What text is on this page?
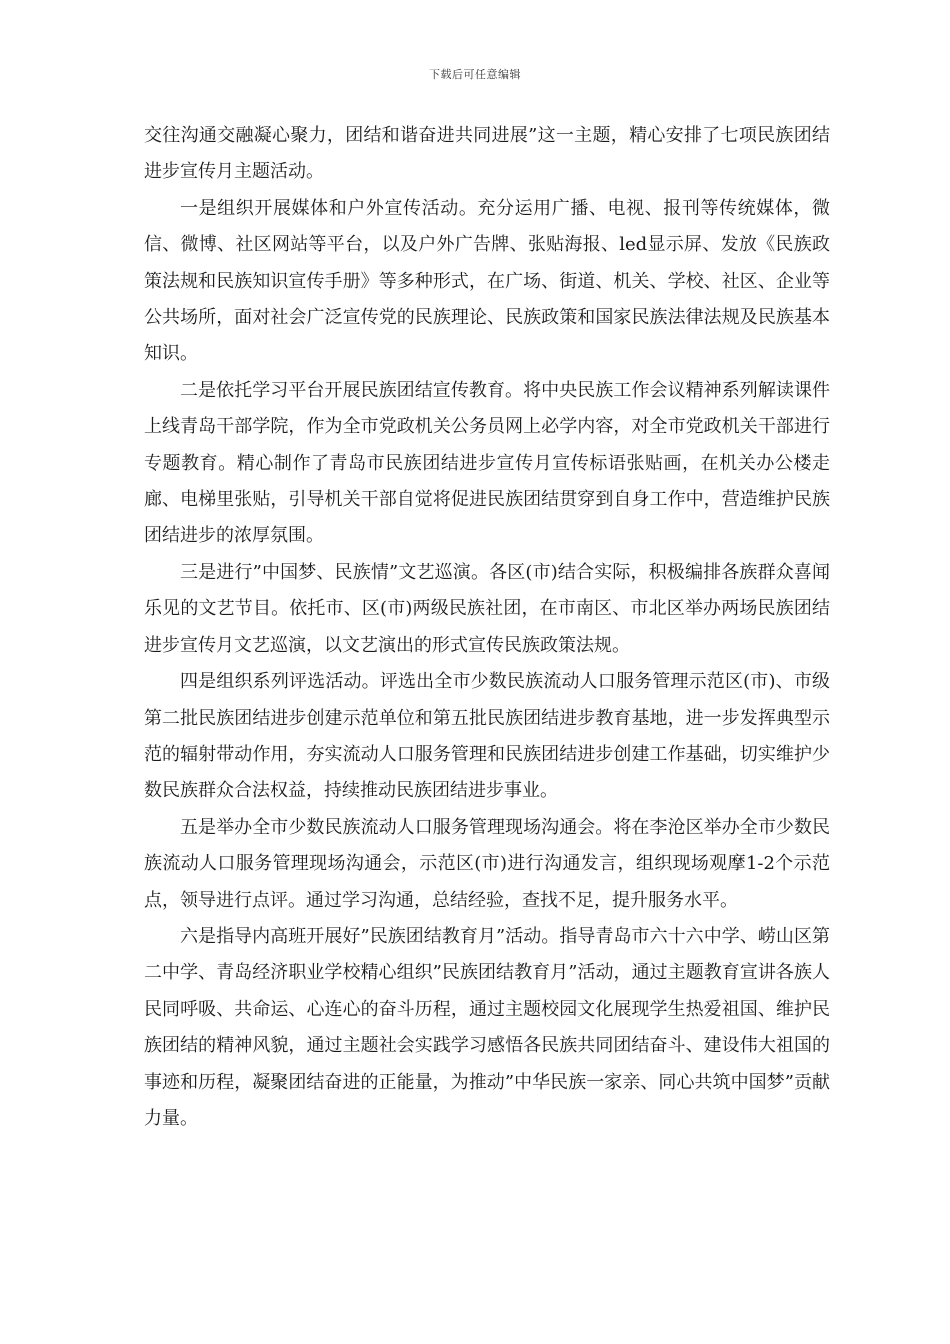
下载后可任意编辑

交往沟通交融凝心聚力，团结和谐奋进共同进展”这一主题，精心安排了七项民族团结进步宣传月主题活动。

一是组织开展媒体和户外宣传活动。充分运用广播、电视、报刊等传统媒体，微信、微博、社区网站等平台，以及户外广告牌、张贴海报、led显示屏、发放《民族政策法规和民族知识宣传手册》等多种形式，在广场、街道、机关、学校、社区、企业等公共场所，面对社会广泛宣传党的民族理论、民族政策和国家民族法律法规及民族基本知识。

二是依托学习平台开展民族团结宣传教育。将中央民族工作会议精神系列解读课件上线青岛干部学院，作为全市党政机关公务员网上必学内容，对全市党政机关干部进行专题教育。精心制作了青岛市民族团结进步宣传月宣传标语张贴画，在机关办公楼走廊、电梯里张贴，引导机关干部自觉将促进民族团结贯穿到自身工作中，营造维护民族团结进步的浓厚氛围。

三是进行”中国梦、民族情”文艺巡演。各区(市)结合实际，积极编排各族群众喜闻乐见的文艺节目。依托市、区(市)两级民族社团，在市南区、市北区举办两场民族团结进步宣传月文艺巡演，以文艺演出的形式宣传民族政策法规。

四是组织系列评选活动。评选出全市少数民族流动人口服务管理示范区(市)、市级第二批民族团结进步创建示范单位和第五批民族团结进步教育基地，进一步发挥典型示范的辐射带动作用，夯实流动人口服务管理和民族团结进步创建工作基础，切实维护少数民族群众合法权益，持续推动民族团结进步事业。

五是举办全市少数民族流动人口服务管理现场沟通会。将在李沧区举办全市少数民族流动人口服务管理现场沟通会，示范区(市)进行沟通发言，组织现场观摩1-2个示范点，领导进行点评。通过学习沟通，总结经验，查找不足，提升服务水平。

六是指导内高班开展好”民族团结教育月”活动。指导青岛市六十六中学、崂山区第二中学、青岛经济职业学校精心组织”民族团结教育月”活动，通过主题教育宣讲各族人民同呼吸、共命运、心连心的奋斗历程，通过主题校园文化展现学生热爱祖国、维护民族团结的精神风貌，通过主题社会实践学习感悟各民族共同团结奋斗、建设伟大祖国的事迹和历程，凝聚团结奋进的正能量，为推动”中华民族一家亲、同心共筑中国梦”贡献力量。
